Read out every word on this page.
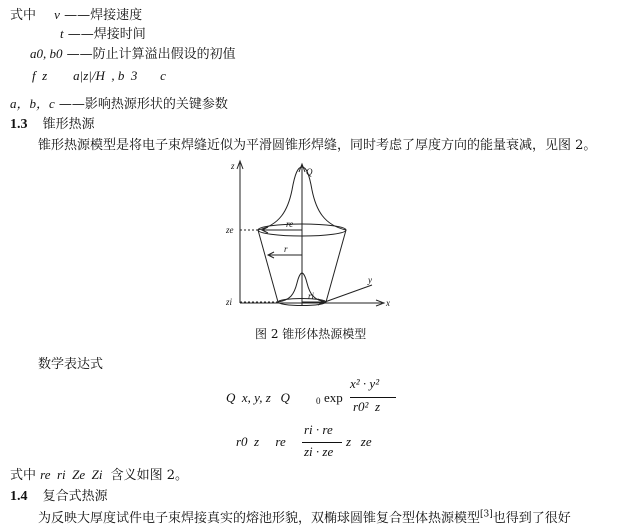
式中 v ——焊接速度
t ——焊接时间
a0, b0 ——防止计算溢出假设的初值
f  z        a|z|/H  , b  3       c
a，b，c ——影响热源形状的关键参数
1.3 锥形热源
锥形热源模型是将电子束焊缝近似为平滑圆锥形焊缝，同时考虑了厚度方向的能量衰减，见图 2。
z
Q
ze
zi
re
r
ri
y
x
图 2 锥形体热源模型
数学表达式
Q  x, y, z   Q	0 exp
x² · y²
r0²  z
r0  z     re
ri · re
zi · ze
z   ze
式中 re  ri  Ze  Zi 含义如图 2。
1.4 复合式热源
为反映大厚度试件电子束焊接真实的熔池形貌，双椭球圆锥复合型体热源模型[3]也得到了很好
